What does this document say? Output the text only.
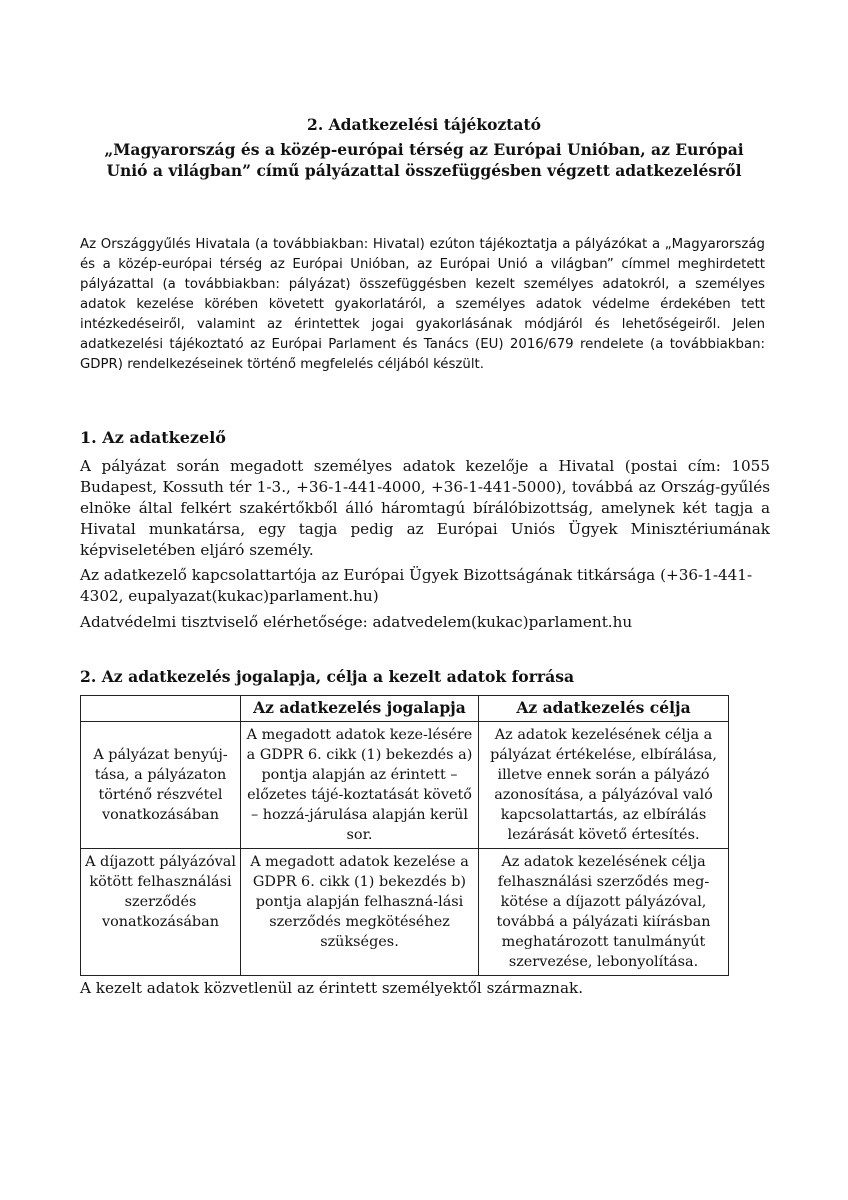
2. Adatkezelési tájékoztató
„Magyarország és a közép-európai térség az Európai Unióban, az Európai
Unió a világban” című pályázattal összefüggésben végzett adatkezelésről
Az Országgyűlés Hivatala (a továbbiakban: Hivatal) ezúton tájékoztatja a pályázókat a „Magyarország és a közép-európai térség az Európai Unióban, az Európai Unió a világban” címmel meghirdetett pályázattal (a továbbiakban: pályázat) összefüggésben kezelt személyes adatokról, a személyes adatok kezelése körében követett gyakorlatáról, a személyes adatok védelme érdekében tett intézkedéseiről, valamint az érintettek jogai gyakorlásának módjáról és lehetőségeiről. Jelen adatkezelési tájékoztató az Európai Parlament és Tanács (EU) 2016/679 rendelete (a továbbiakban: GDPR) rendelkezéseinek történő megfelelés céljából készült.
1. Az adatkezelő
A pályázat során megadott személyes adatok kezelője a Hivatal (postai cím: 1055 Budapest, Kossuth tér 1-3., +36-1-441-4000, +36-1-441-5000), továbbá az Ország-gyűlés elnöke által felkért szakértőkből álló háromtagú bírálóbizottság, amelynek két tagja a Hivatal munkatársa, egy tagja pedig az Európai Uniós Ügyek Minisztériumának képviseletében eljáró személy.
Az adatkezelő kapcsolattartója az Európai Ügyek Bizottságának titkársága (+36-1-441-4302, eupalyazat(kukac)parlament.hu)
Adatvédelmi tisztviselő elérhetősége: adatvedelem(kukac)parlament.hu
2. Az adatkezelés jogalapja, célja a kezelt adatok forrása
	Az adatkezelés jogalapja	Az adatkezelés célja
A pályázat benyúj-tása, a pályázaton történő részvétel vonatkozásában	A megadott adatok keze-lésére a GDPR 6. cikk (1) bekezdés a) pontja alapján az érintett – előzetes tájé-koztatását követő – hozzá-járulása alapján kerül sor.	Az adatok kezelésének célja a pályázat értékelése, elbírálása, illetve ennek során a pályázó azonosítása, a pályázóval való kapcsolattartás, az elbírálás lezárását követő értesítés.
A díjazott pályázóval kötött felhasználási szerződés vonatkozásában	A megadott adatok kezelése a GDPR 6. cikk (1) bekezdés b) pontja alapján felhaszná-lási szerződés megkötéséhez szükséges.	Az adatok kezelésének célja felhasználási szerződés meg-kötése a díjazott pályázóval, továbbá a pályázati kiírásban meghatározott tanulmányút szervezése, lebonyolítása.
A kezelt adatok közvetlenül az érintett személyektől származnak.
